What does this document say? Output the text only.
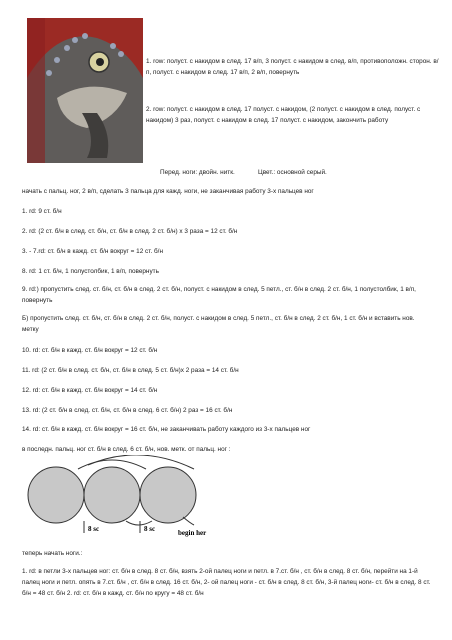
1. row: полуст. с накидом в след. 17 в/п, 3 полуст. с накидом в след. в/п, противоположн. сторон. в/п, полуст. с накидом в след. 17 в/п, 2 в/п, повернуть
2. row: полуст. с накидом в след. 17 полуст. с накидом, (2 полуст. с накидом в след. полуст. с накидом) 3 раз, полуст. с накидом в след. 17 полуст. с накидом, закончить работу
Перед. ноги: двойн. нитк.	Цвет.: основной серый.
начать с пальц. ног, 2 в/п, сделать 3 пальца для кажд. ноги, не заканчивая работу 3-х пальцев ног
1. rd: 9 ст. б/н
2. rd: (2 ст. б/н в след. ст. б/н, ст. б/н в след. 2 ст. б/н) x 3 раза = 12 ст. б/н
3. - 7.rd: ст. б/н в кажд. ст. б/н вокруг = 12 ст. б/н
8. rd: 1 ст. б/н, 1 полустолбик, 1 в/п, повернуть
9. rd:) пропустить след. ст. б/н, ст. б/н в след. 2 ст. б/н, полуст. с накидом в след. 5 петл., ст. б/н в след. 2 ст. б/н, 1 полустолбик, 1 в/п, повернуть
Б) пропустить след. ст. б/н, ст. б/н в след. 2 ст. б/н, полуст. с накидом в след. 5 петл., ст. б/н в след. 2 ст. б/н, 1 ст. б/н и вставить нов. метку
10. rd: ст. б/н в кажд. ст. б/н вокруг = 12 ст. б/н
11. rd: (2 ст. б/н в след. ст. б/н, ст. б/н в след. 5 ст. б/н)x 2 раза = 14 ст. б/н
12. rd: ст. б/н в кажд. ст. б/н вокруг = 14 ст. б/н
13. rd: (2 ст. б/н в след. ст. б/н, ст. б/н в след. 6 ст. б/н) 2 раз = 16 ст. б/н
14. rd: ст. б/н в кажд. ст. б/н вокруг = 16 ст. б/н, не заканчивать работу каждого из 3-х пальцев ног
в последн. пальц. ног ст. б/н в след. 6 ст. б/н, нов. метк. от пальц. ног :
8 sc	8 sc	begin her
теперь начать ноги.:
1. rd: в петли 3-х пальцев ног: ст. б/н в след. 8 ст. б/н, взять 2-ой палец ноги и петл. в 7.ст. б/н , ст. б/н в след. 8 ст. б/н, перейти на 1-й палец ноги и петл. опять в 7.ст. б/н , ст. б/н в след. 16 ст. б/н, 2- ой палец ноги - ст. б/н в след. 8 ст. б/н, 3-й палец ноги- ст. б/н в след. 8 ст. б/н = 48 ст. б/н 2. rd: ст. б/н в кажд. ст. б/н по кругу = 48 ст. б/н
